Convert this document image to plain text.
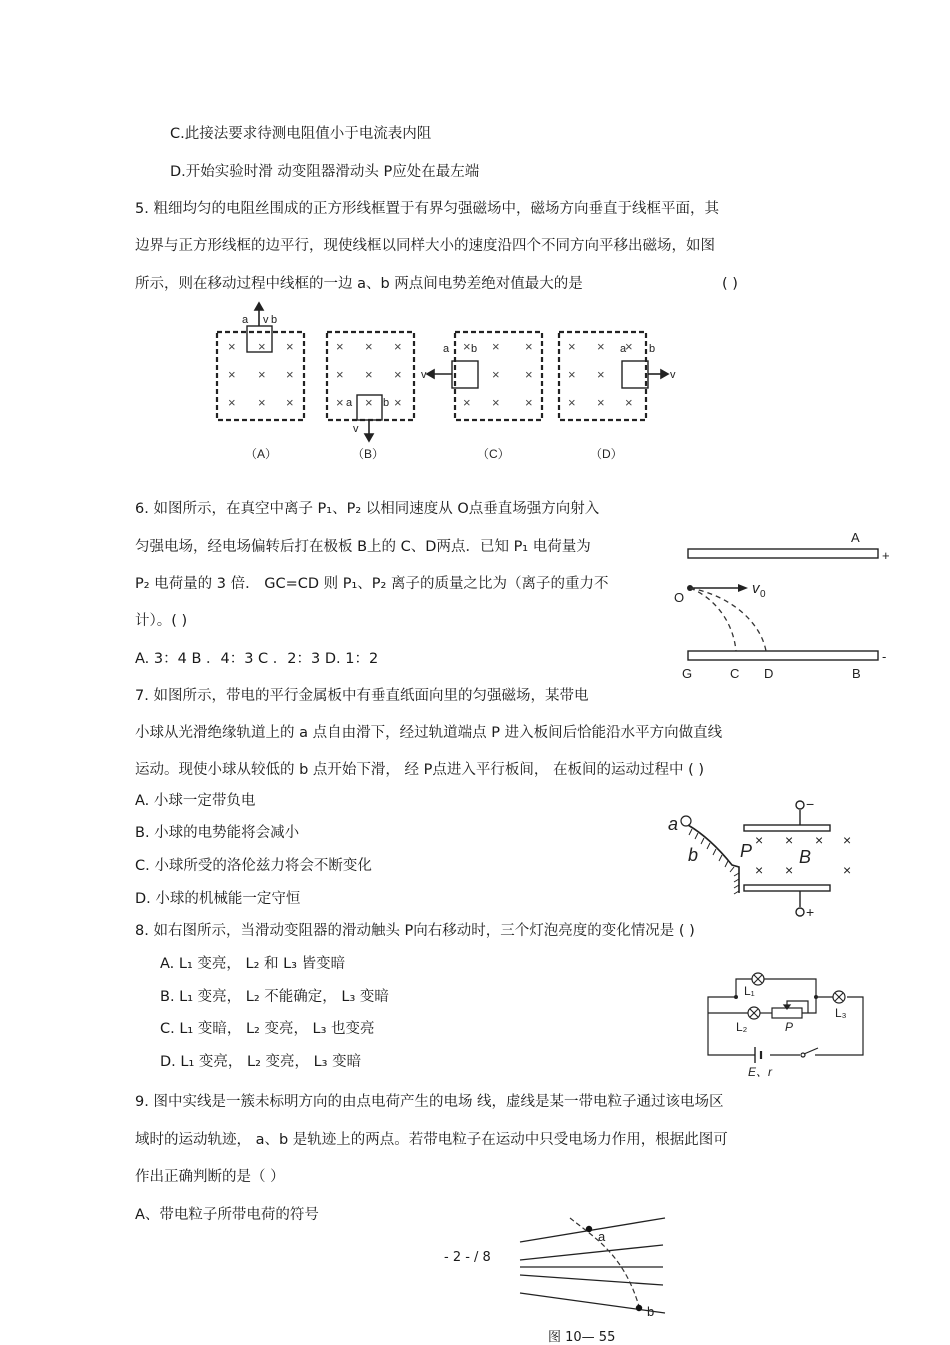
C.此接法要求待测电阻值小于电流表内阻
D.开始实验时滑 动变阻器滑动头 P应处在最左端
5. 粗细均匀的电阻丝围成的正方形线框置于有界匀强磁场中，磁场方向垂直于线框平面，其
边界与正方形线框的边平行，现使线框以同样大小的速度沿四个不同方向平移出磁场，如图
所示，则在移动过程中线框的一边 a、b 两点间电势差绝对值最大的是	( )
× × ×
× × ×
× × ×
× × ×
× × ×
× × ×
× × ×
× ×
× × ×
× × ×
× ×
× × ×
a v b
a	b
v
a b
v
a b
v
（A）	（B）	（C）	（D）
6. 如图所示，在真空中离子 P₁、P₂ 以相同速度从 O点垂直场强方向射入
匀强电场，经电场偏转后打在极板 B上的 C、D两点．已知 P₁ 电荷量为
P₂ 电荷量的 3 倍． GC=CD 则 P₁、P₂ 离子的质量之比为（离子的重力不
计）。( )
A. 3：4 B ．4：3 C ．2：3 D. 1：2
A
+
-
O
v 0
G	C D	B
7. 如图所示，带电的平行金属板中有垂直纸面向里的匀强磁场，某带电
小球从光滑绝缘轨道上的 a 点自由滑下，经过轨道端点 P 进入板间后恰能沿水平方向做直线
运动。现使小球从较低的 b 点开始下滑， 经 P点进入平行板间， 在板间的运动过程中 ( )
A. 小球一定带负电
B. 小球的电势能将会减小
C. 小球所受的洛伦兹力将会不断变化
D. 小球的机械能一定守恒
× × × ×
× ×	×
a
b P	B
−
+
8. 如右图所示，当滑动变阻器的滑动触头 P向右移动时，三个灯泡亮度的变化情况是 ( )
A. L₁ 变亮， L₂ 和 L₃ 皆变暗
B. L₁ 变亮， L₂ 不能确定， L₃ 变暗
C. L₁ 变暗， L₂ 变亮， L₃ 也变亮
D. L₁ 变亮， L₂ 变亮， L₃ 变暗
L₁
L₂
L₃
P
E、r
9. 图中实线是一簇未标明方向的由点电荷产生的电场 线，虚线是某一带电粒子通过该电场区
域时的运动轨迹， a、b 是轨迹上的两点。若带电粒子在运动中只受电场力作用，根据此图可
作出正确判断的是（ ）
A、带电粒子所带电荷的符号
a
b
- 2 - / 8
图 10— 55
